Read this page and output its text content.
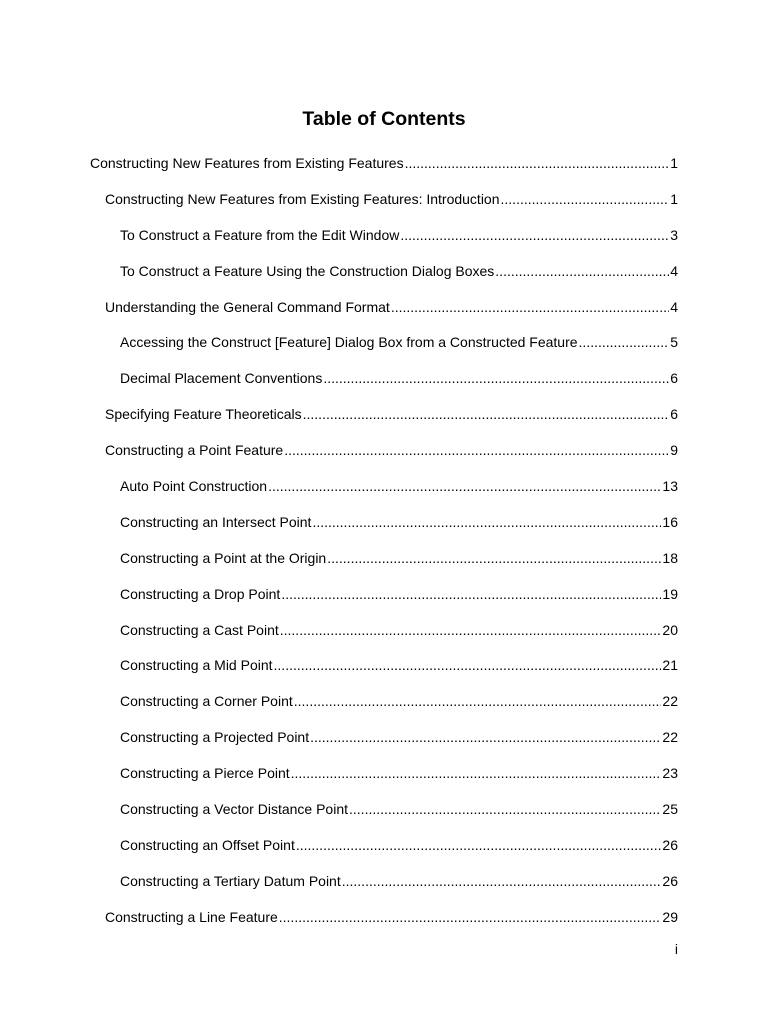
Table of Contents
Constructing New Features from Existing Features .....	1
Constructing New Features from Existing Features: Introduction .....	1
To Construct a Feature from the Edit Window .....	3
To Construct a Feature Using the Construction Dialog Boxes .....	4
Understanding the General Command Format .....	4
Accessing the Construct [Feature] Dialog Box from a Constructed Feature .....	5
Decimal Placement Conventions .....	6
Specifying Feature Theoreticals .....	6
Constructing a Point Feature .....	9
Auto Point Construction .....	13
Constructing an Intersect Point .....	16
Constructing a Point at the Origin .....	18
Constructing a Drop Point .....	19
Constructing a Cast Point .....	20
Constructing a Mid Point .....	21
Constructing a Corner Point .....	22
Constructing a Projected Point .....	22
Constructing a Pierce Point .....	23
Constructing a Vector Distance Point .....	25
Constructing an Offset Point .....	26
Constructing a Tertiary Datum Point .....	26
Constructing a Line Feature .....	29
i
